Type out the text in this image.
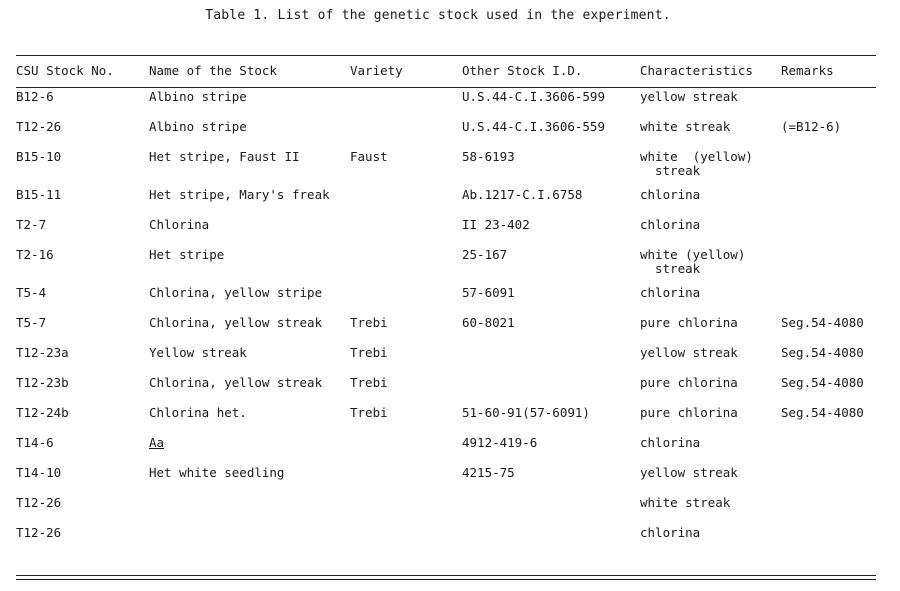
Table 1. List of the genetic stock used in the experiment.
CSU Stock No.	Name of the Stock	Variety	Other Stock I.D.	Characteristics	Remarks
B12-6	Albino stripe		U.S.44-C.I.3606-599	yellow streak	
T12-26	Albino stripe		U.S.44-C.I.3606-559	white streak	(=B12-6)
B15-10	Het stripe, Faust II	Faust	58-6193	white  (yellow)
streak	

B15-11	Het stripe, Mary's freak		Ab.1217-C.I.6758	chlorina	
T2-7	Chlorina		II 23-402	chlorina	
T2-16	Het stripe		25-167	white (yellow)
streak	

T5-4	Chlorina, yellow stripe		57-6091	chlorina	
T5-7	Chlorina, yellow streak	Trebi	60-8021	pure chlorina	Seg.54-4080
T12-23a	Yellow streak	Trebi		yellow streak	Seg.54-4080
T12-23b	Chlorina, yellow streak	Trebi		pure chlorina	Seg.54-4080
T12-24b	Chlorina het.	Trebi	51-60-91(57-6091)	pure chlorina	Seg.54-4080
T14-6	Aa		4912-419-6	chlorina	
T14-10	Het white seedling		4215-75	yellow streak	
T12-26				white streak	
T12-26				chlorina	
